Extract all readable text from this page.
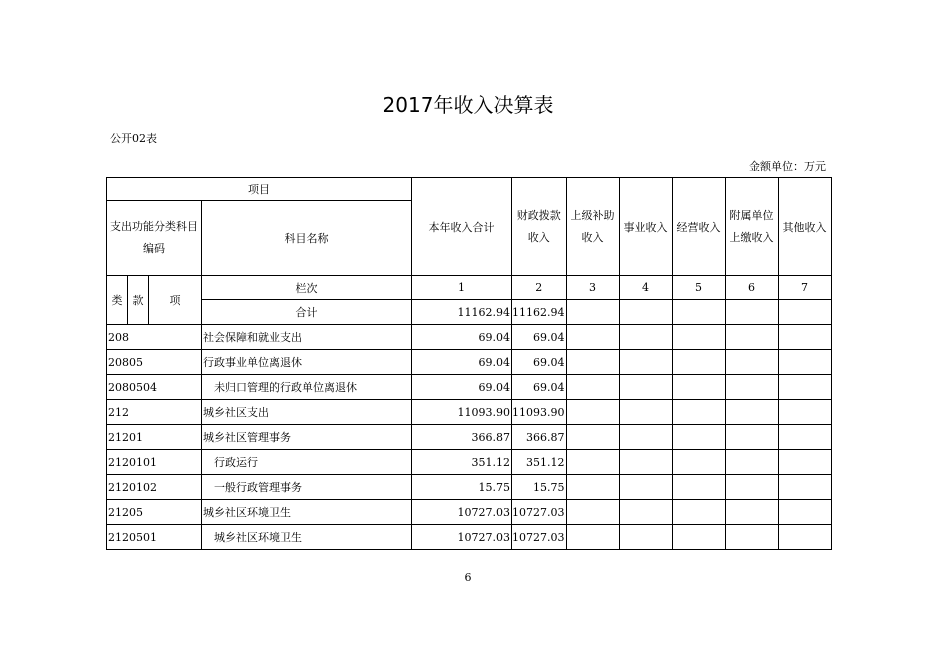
2017年收入决算表
公开02表
金额单位：万元
项目				本年收入合计	财政拨款收入	上级补助收入	事业收入	经营收入	附属单位上缴收入	其他收入
支出功能分类科目编码			科目名称							
类	款	项	栏次	1	2	3	4	5	6	7
			合计	11162.94	11162.94					
208			社会保障和就业支出	69.04	69.04					
20805			行政事业单位离退休	69.04	69.04					
2080504			未归口管理的行政单位离退休	69.04	69.04					
212			城乡社区支出	11093.90	11093.90					
21201			城乡社区管理事务	366.87	366.87					
2120101			行政运行	351.12	351.12					
2120102			一般行政管理事务	15.75	15.75					
21205			城乡社区环境卫生	10727.03	10727.03					
2120501			城乡社区环境卫生	10727.03	10727.03					
6
